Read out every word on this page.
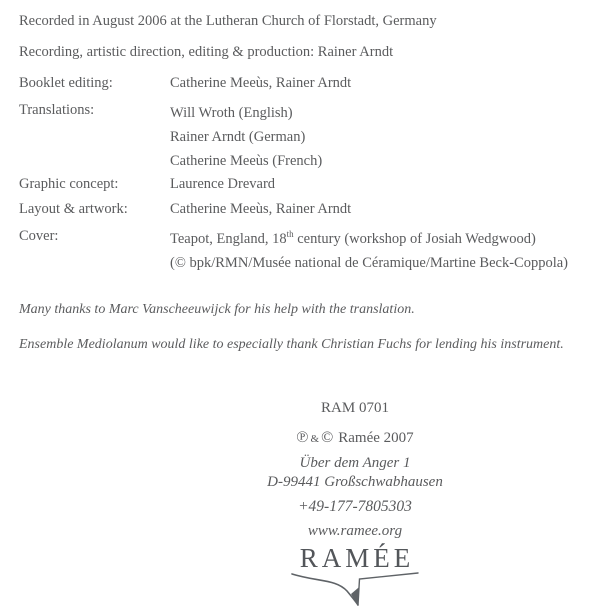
Recorded in August 2006 at the Lutheran Church of Florstadt, Germany
Recording, artistic direction, editing & production: Rainer Arndt
Booklet editing:	Catherine Meeùs, Rainer Arndt
Translations:	Will Wroth (English)
Rainer Arndt (German)
Catherine Meeùs (French)
Graphic concept:	Laurence Drevard
Layout & artwork:	Catherine Meeùs, Rainer Arndt
Cover:	Teapot, England, 18th century (workshop of Josiah Wedgwood)
(© bpk/RMN/Musée national de Céramique/Martine Beck-Coppola)
Many thanks to Marc Vanscheeuwijck for his help with the translation.
Ensemble Mediolanum would like to especially thank Christian Fuchs for lending his instrument.
RAM 0701
℗ & © Ramée 2007
Über dem Anger 1
D-99441 Großschwabhausen
+49-177-7805303
www.ramee.org
RAMÉE
